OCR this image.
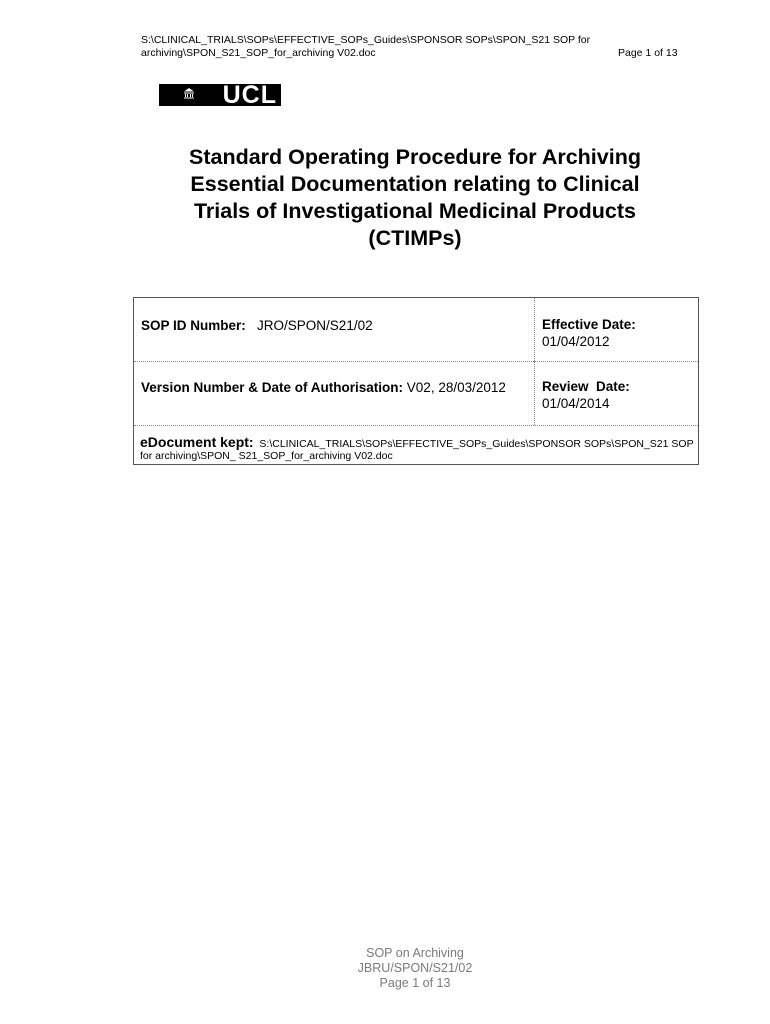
S:\CLINICAL_TRIALS\SOPs\EFFECTIVE_SOPs_Guides\SPONSOR SOPs\SPON_S21 SOP for
archiving\SPON_S21_SOP_for_archiving V02.doc	Page 1 of 13
UCL
Standard Operating Procedure for Archiving
Essential Documentation relating to Clinical
Trials of Investigational Medicinal Products
(CTIMPs)
SOP ID Number: JRO/SPON/S21/02	Effective Date:
01/04/2012
Version Number & Date of Authorisation: V02, 28/03/2012	Review  Date:
01/04/2014
eDocument kept: S:\CLINICAL_TRIALS\SOPs\EFFECTIVE_SOPs_Guides\SPONSOR SOPs\SPON_S21 SOP for archiving\SPON_ S21_SOP_for_archiving V02.doc
SOP on Archiving
JBRU/SPON/S21/02
Page 1 of 13
